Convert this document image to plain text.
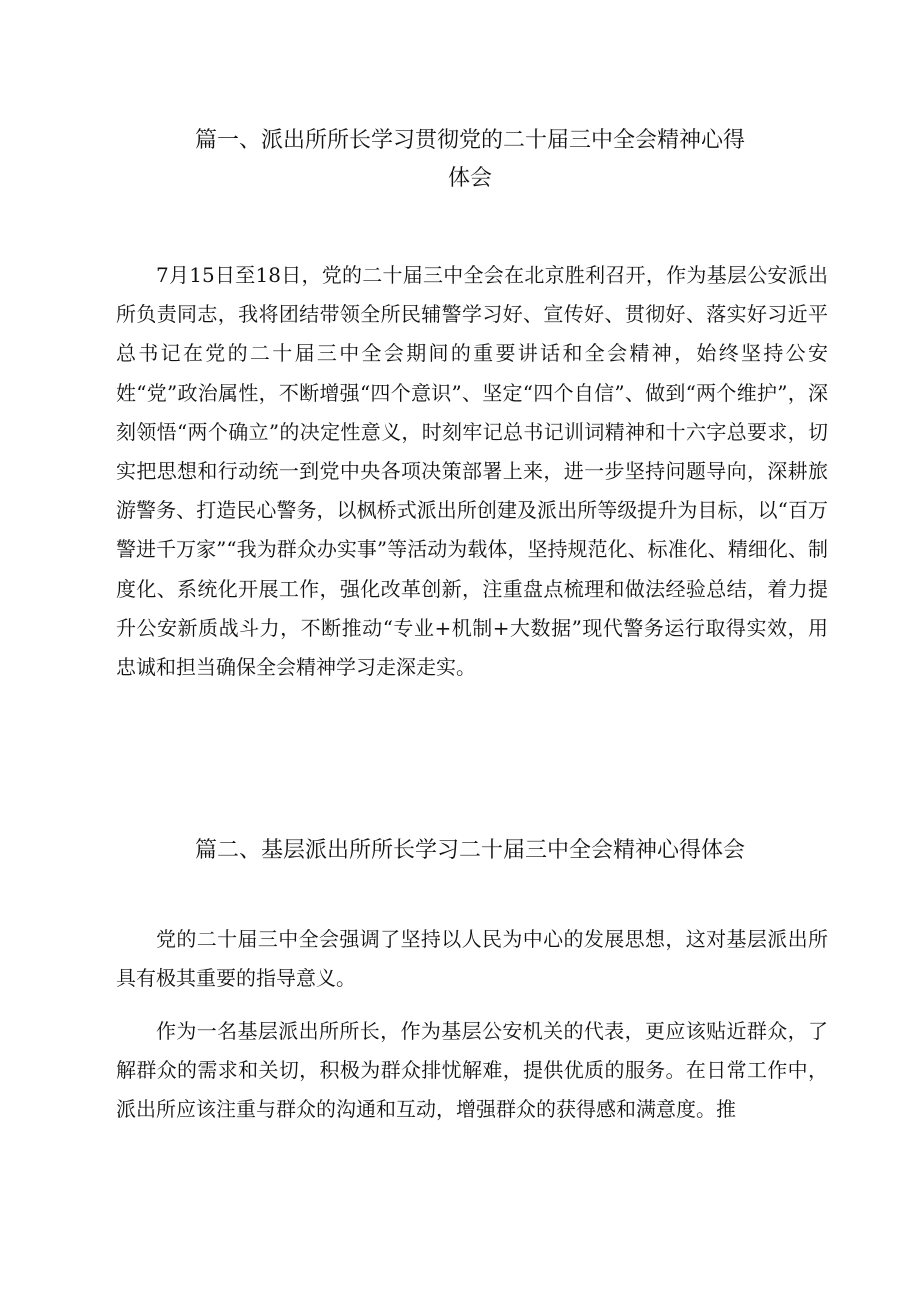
篇一、派出所所长学习贯彻党的二十届三中全会精神心得
体会

7月15日至18日，党的二十届三中全会在北京胜利召开，作为基层公安派出所负责同志，我将团结带领全所民辅警学习好、宣传好、贯彻好、落实好习近平总书记在党的二十届三中全会期间的重要讲话和全会精神，始终坚持公安姓“党”政治属性，不断增强“四个意识”、坚定“四个自信”、做到“两个维护”，深刻领悟“两个确立”的决定性意义，时刻牢记总书记训词精神和十六字总要求，切实把思想和行动统一到党中央各项决策部署上来，进一步坚持问题导向，深耕旅游警务、打造民心警务，以枫桥式派出所创建及派出所等级提升为目标，以“百万警进千万家”“我为群众办实事”等活动为载体，坚持规范化、标准化、精细化、制度化、系统化开展工作，强化改革创新，注重盘点梳理和做法经验总结，着力提升公安新质战斗力，不断推动“专业+机制+大数据”现代警务运行取得实效，用忠诚和担当确保全会精神学习走深走实。

篇二、基层派出所所长学习二十届三中全会精神心得体会

党的二十届三中全会强调了坚持以人民为中心的发展思想，这对基层派出所具有极其重要的指导意义。

作为一名基层派出所所长，作为基层公安机关的代表，更应该贴近群众，了解群众的需求和关切，积极为群众排忧解难，提供优质的服务。在日常工作中，派出所应该注重与群众的沟通和互动，增强群众的获得感和满意度。推
